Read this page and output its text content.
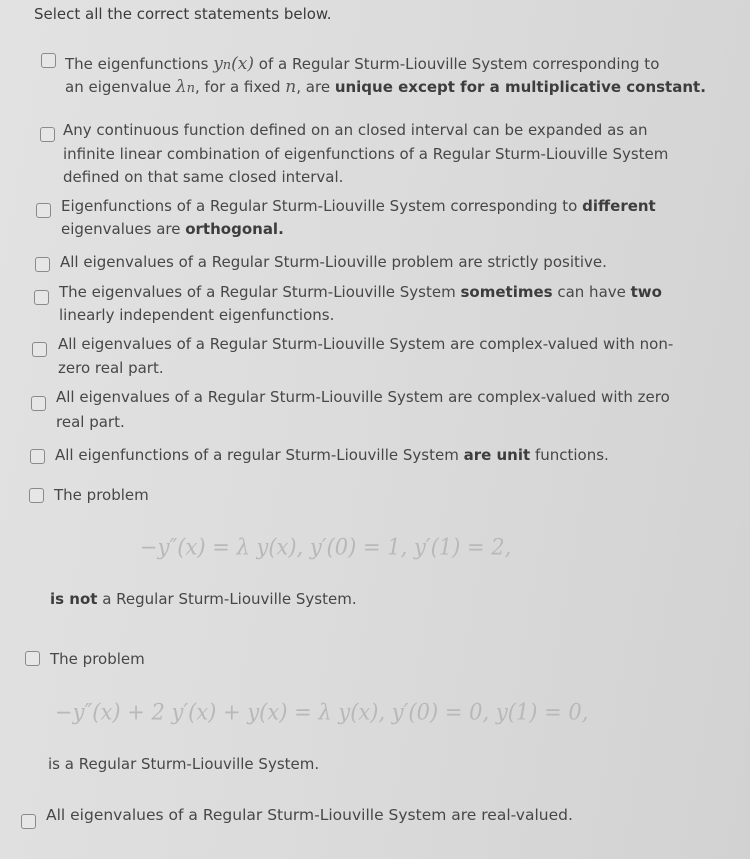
Select all the correct statements below.
The eigenfunctions yn(x) of a Regular Sturm-Liouville System corresponding to
an eigenvalue λn, for a fixed n, are unique except for a multiplicative constant.
Any continuous function defined on an closed interval can be expanded as an
infinite linear combination of eigenfunctions of a Regular Sturm-Liouville System
defined on that same closed interval.
Eigenfunctions of a Regular Sturm-Liouville System corresponding to different
eigenvalues are orthogonal.
All eigenvalues of a Regular Sturm-Liouville problem are strictly positive.
The eigenvalues of a Regular Sturm-Liouville System sometimes can have two
linearly independent eigenfunctions.
All eigenvalues of a Regular Sturm-Liouville System are complex-valued with non-
zero real part.
All eigenvalues of a Regular Sturm-Liouville System are complex-valued with zero
real part.
All eigenfunctions of a regular Sturm-Liouville System are unit functions.
The problem
−y″(x) = λ y(x), y′(0) = 1, y′(1) = 2,
is not a Regular Sturm-Liouville System.
The problem
−y″(x) + 2 y′(x) + y(x) = λ y(x), y′(0) = 0, y(1) = 0,
is a Regular Sturm-Liouville System.
All eigenvalues of a Regular Sturm-Liouville System are real-valued.
